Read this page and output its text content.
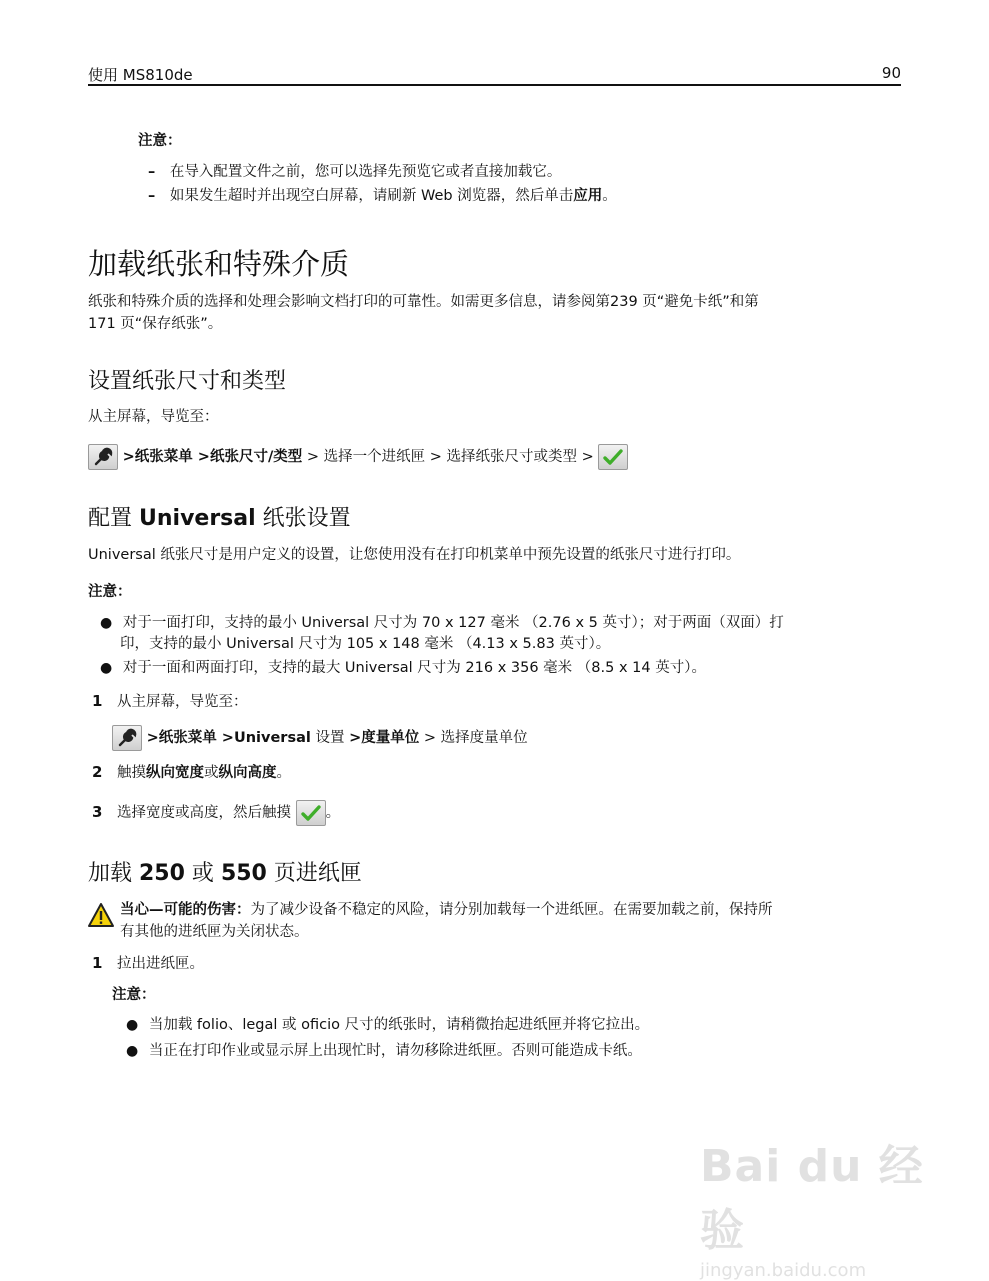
使用 MS810de	90
注意：
– 在导入配置文件之前，您可以选择先预览它或者直接加载它。
– 如果发生超时并出现空白屏幕，请刷新 Web 浏览器，然后单击应用。
加载纸张和特殊介质
纸张和特殊介质的选择和处理会影响文档打印的可靠性。如需更多信息，请参阅第239 页“避免卡纸”和第
171 页“保存纸张”。
设置纸张尺寸和类型
从主屏幕，导览至：
>纸张菜单 >纸张尺寸/类型 > 选择一个进纸匣 > 选择纸张尺寸或类型 >
配置 Universal 纸张设置
Universal 纸张尺寸是用户定义的设置，让您使用没有在打印机菜单中预先设置的纸张尺寸进行打印。
注意：
● 对于一面打印，支持的最小 Universal 尺寸为 70 x 127 毫米 （2.76 x 5 英寸）；对于两面（双面）打
印，支持的最小 Universal 尺寸为 105 x 148 毫米 （4.13 x 5.83 英寸）。
● 对于一面和两面打印，支持的最大 Universal 尺寸为 216 x 356 毫米 （8.5 x 14 英寸）。
1 从主屏幕，导览至：
>纸张菜单 >Universal 设置 >度量单位 > 选择度量单位
2 触摸纵向宽度或纵向高度。
3 选择宽度或高度，然后触摸 。
加载 250 或 550 页进纸匣
当心—可能的伤害：为了减少设备不稳定的风险，请分别加载每一个进纸匣。在需要加载之前，保持所
有其他的进纸匣为关闭状态。
1 拉出进纸匣。
注意：
● 当加载 folio、legal 或 oficio 尺寸的纸张时，请稍微抬起进纸匣并将它拉出。
● 当正在打印作业或显示屏上出现忙时，请勿移除进纸匣。否则可能造成卡纸。
Bai du 经验
jingyan.baidu.com
